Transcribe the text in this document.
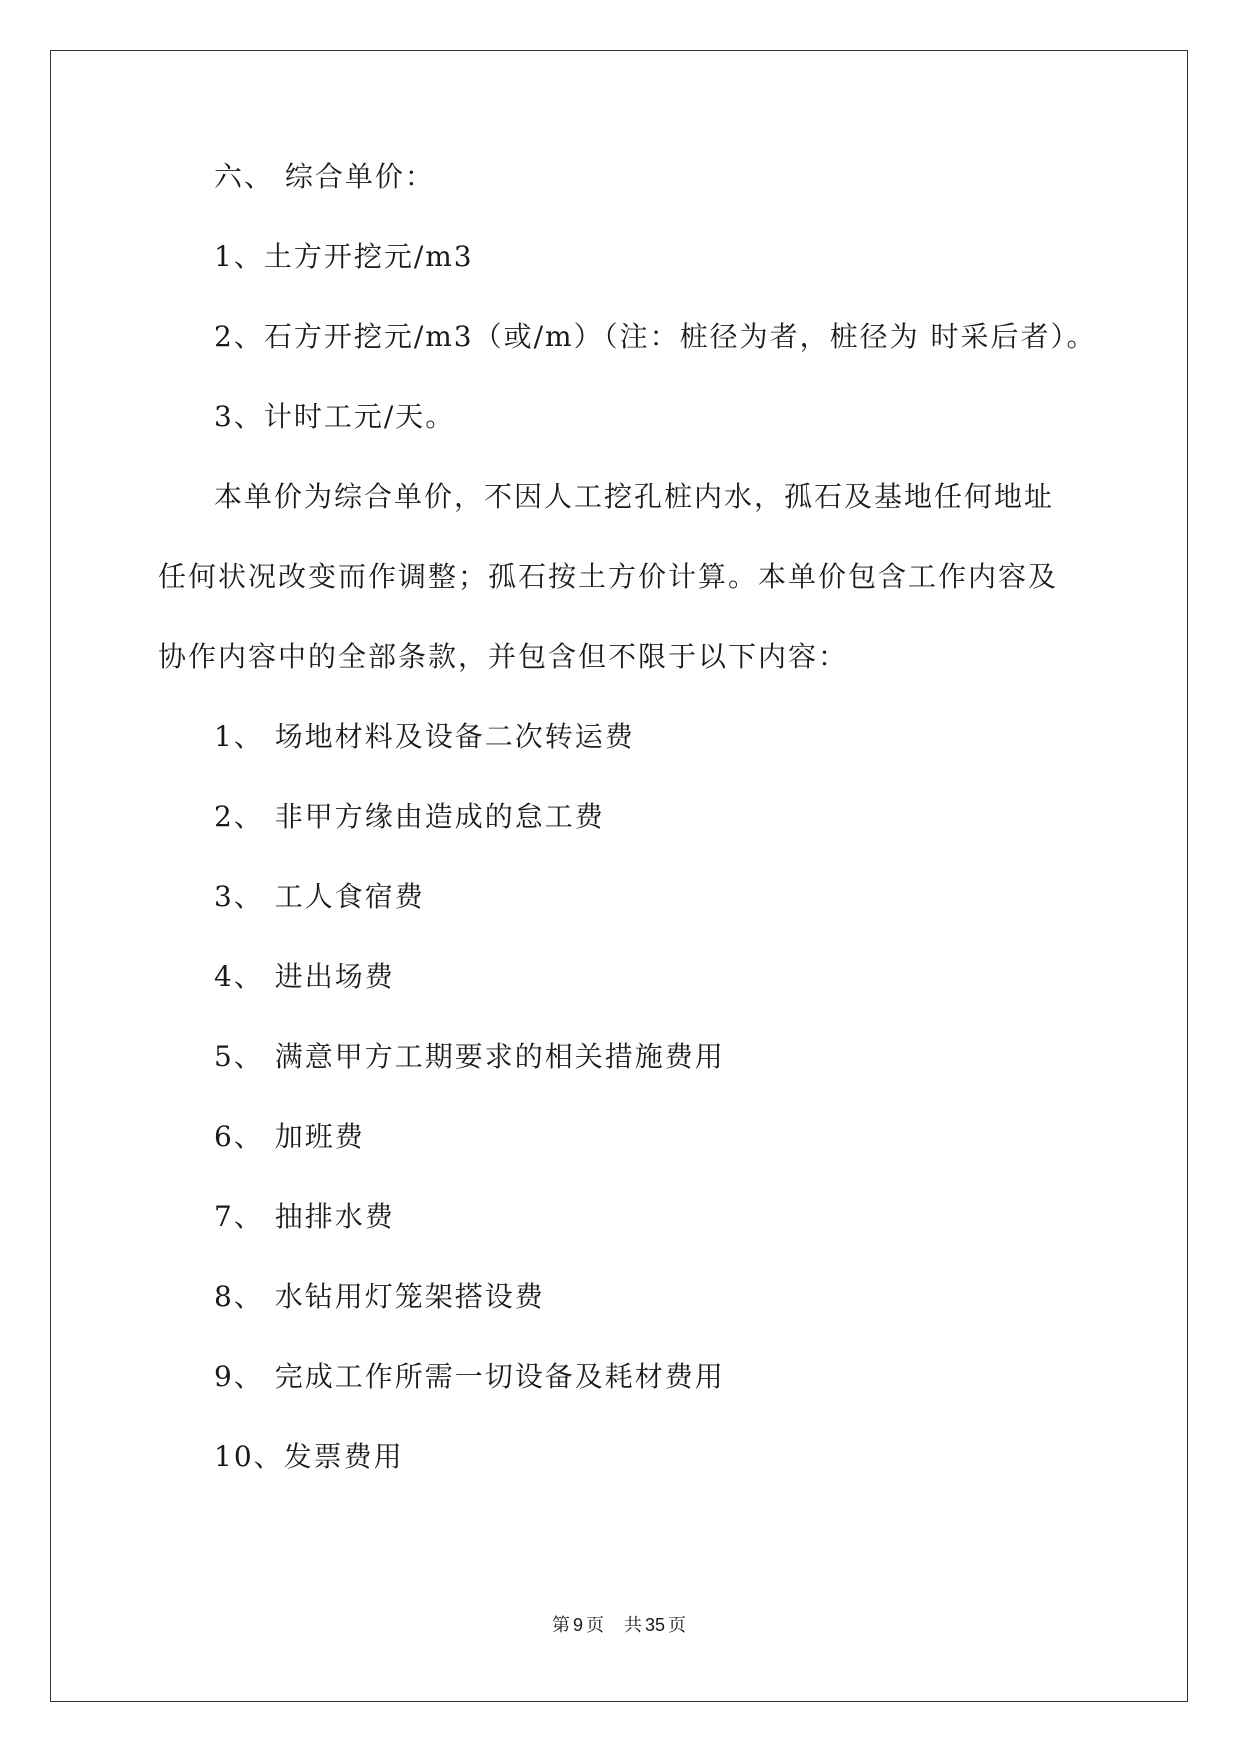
六、 综合单价：
1、土方开挖元/m3
2、石方开挖元/m3（或/m）（注：桩径为者，桩径为 时采后者）。
3、计时工元/天。
本单价为综合单价，不因人工挖孔桩内水，孤石及基地任何地址
任何状况改变而作调整；孤石按土方价计算。本单价包含工作内容及
协作内容中的全部条款，并包含但不限于以下内容：
1、 场地材料及设备二次转运费
2、 非甲方缘由造成的怠工费
3、 工人食宿费
4、 进出场费
5、 满意甲方工期要求的相关措施费用
6、 加班费
7、 抽排水费
8、 水钻用灯笼架搭设费
9、 完成工作所需一切设备及耗材费用
10、发票费用
第 9 页 共 35 页
